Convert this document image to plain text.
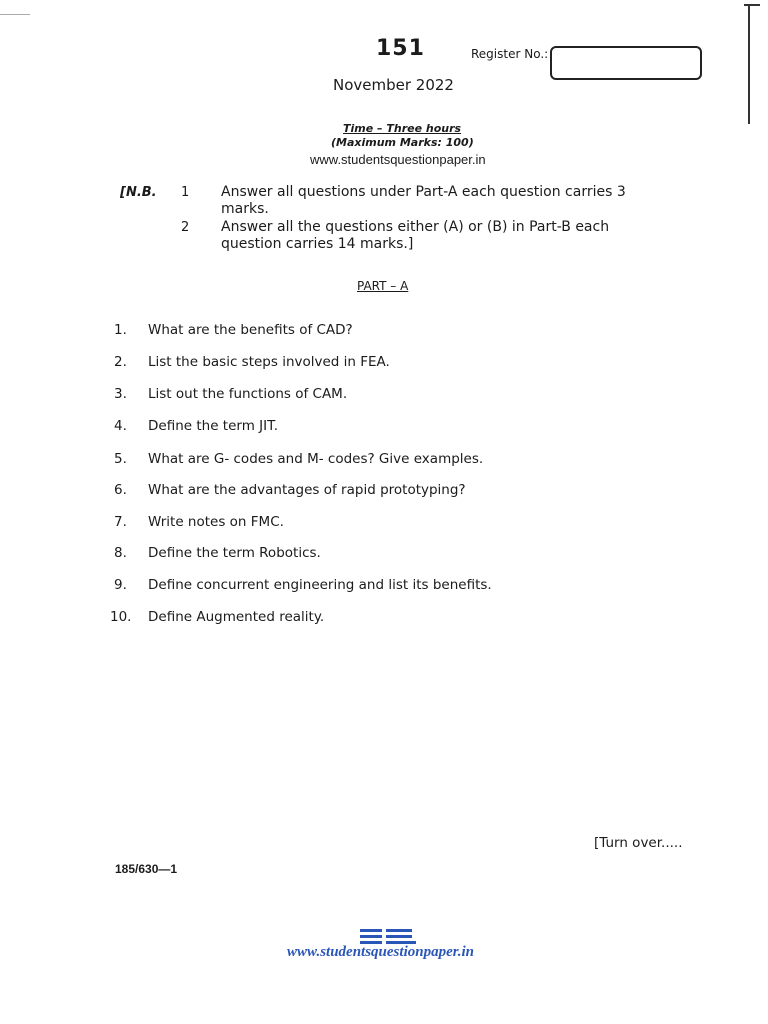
151	Register No.:
November 2022
Time – Three hours
(Maximum Marks: 100)
www.studentsquestionpaper.in
[N.B. 1 Answer all questions under Part-A each question carries 3 marks.
2 Answer all the questions either (A) or (B) in Part-B each question carries 14 marks.]
PART – A
1.	What are the benefits of CAD?
2.	List the basic steps involved in FEA.
3.	List out the functions of CAM.
4.	Define the term JIT.
5.	What are G- codes and M- codes? Give examples.
6.	What are the advantages of rapid prototyping?
7.	Write notes on FMC.
8.	Define the term Robotics.
9.	Define concurrent engineering and list its benefits.
10.	Define Augmented reality.
[Turn over.....
185/630—1
www.studentsquestionpaper.in
